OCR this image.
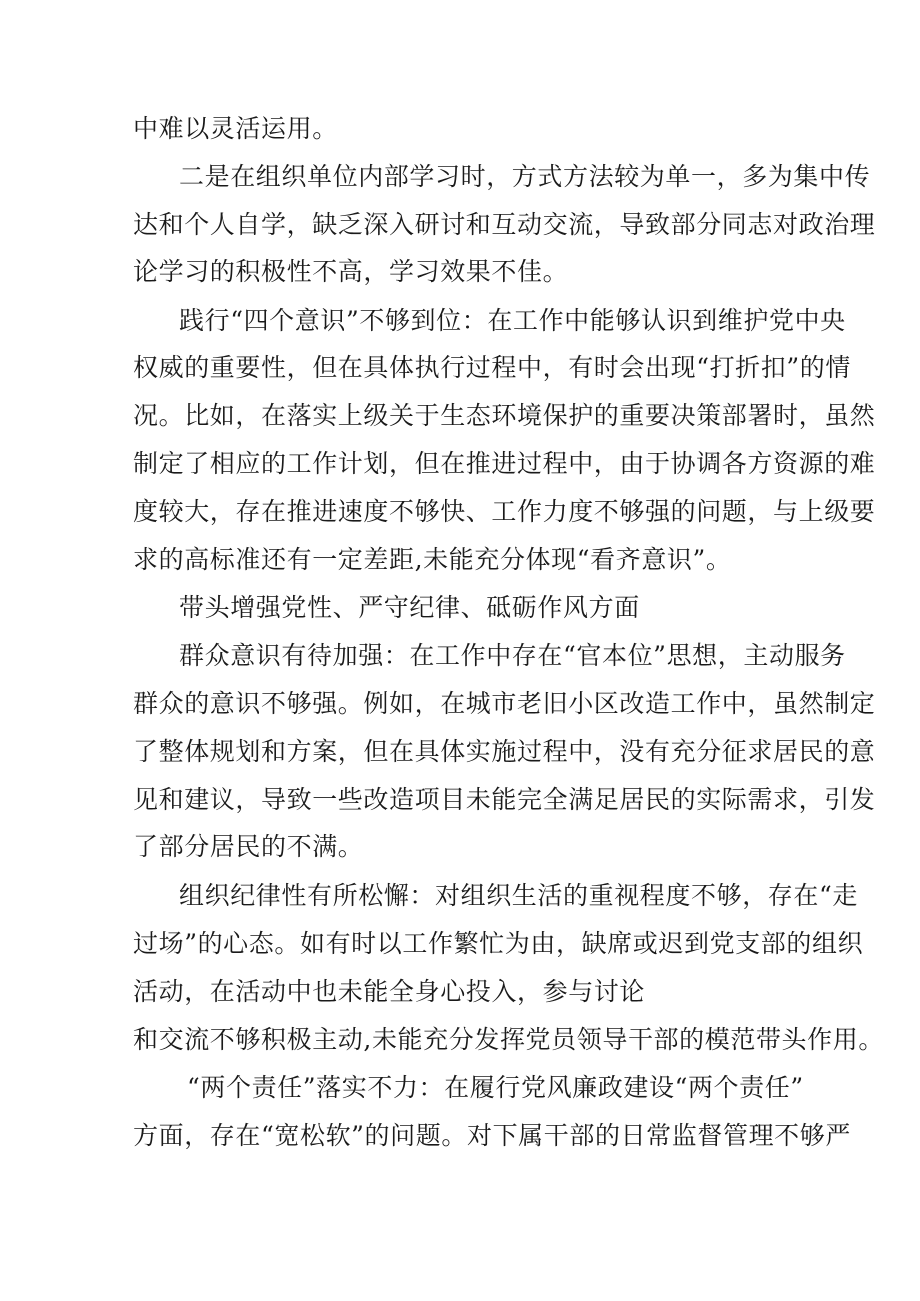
中难以灵活运用。
二是在组织单位内部学习时，方式方法较为单一，多为集中传
达和个人自学，缺乏深入研讨和互动交流，导致部分同志对政治理
论学习的积极性不高，学习效果不佳。
践行“四个意识”不够到位：在工作中能够认识到维护党中央
权威的重要性，但在具体执行过程中，有时会出现“打折扣”的情
况。比如，在落实上级关于生态环境保护的重要决策部署时，虽然
制定了相应的工作计划，但在推进过程中，由于协调各方资源的难
度较大，存在推进速度不够快、工作力度不够强的问题，与上级要
求的高标准还有一定差距,未能充分体现“看齐意识”。
带头增强党性、严守纪律、砥砺作风方面
群众意识有待加强：在工作中存在“官本位”思想，主动服务
群众的意识不够强。例如，在城市老旧小区改造工作中，虽然制定
了整体规划和方案，但在具体实施过程中，没有充分征求居民的意
见和建议，导致一些改造项目未能完全满足居民的实际需求，引发
了部分居民的不满。
组织纪律性有所松懈：对组织生活的重视程度不够，存在“走
过场”的心态。如有时以工作繁忙为由，缺席或迟到党支部的组织
活动，在活动中也未能全身心投入，参与讨论
和交流不够积极主动,未能充分发挥党员领导干部的模范带头作用。
“两个责任”落实不力：在履行党风廉政建设“两个责任”
方面，存在“宽松软”的问题。对下属干部的日常监督管理不够严
